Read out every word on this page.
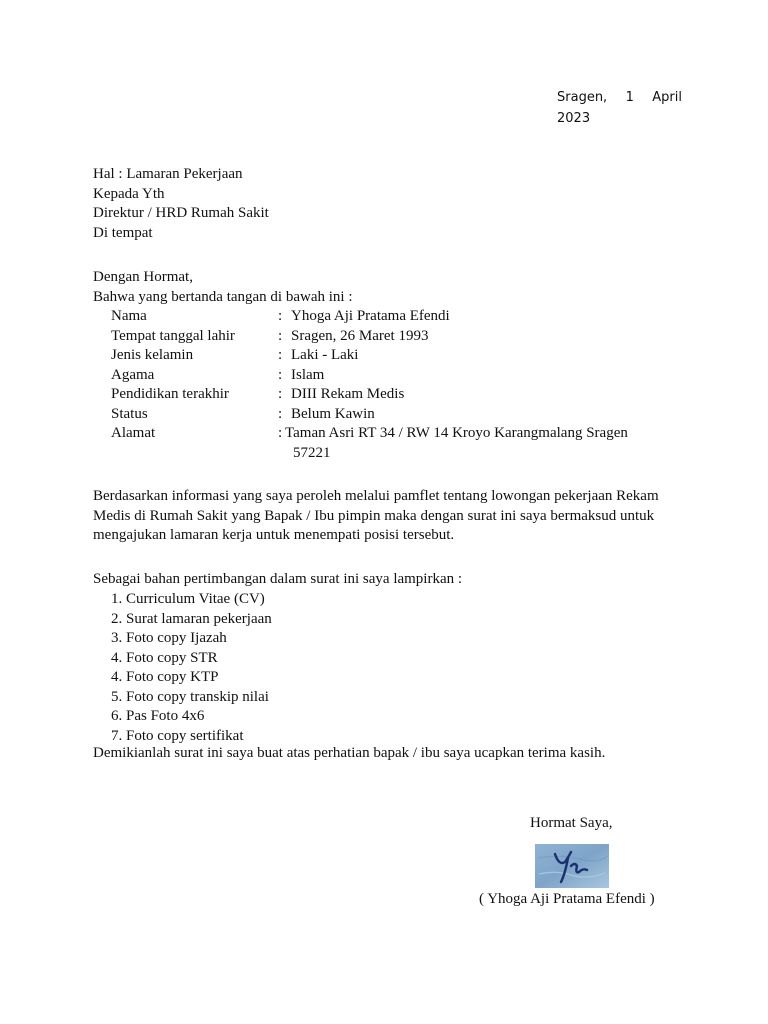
Sragen, 1 April
2023
Hal : Lamaran Pekerjaan
Kepada Yth
Direktur / HRD Rumah Sakit
Di tempat
Dengan Hormat,
Bahwa yang bertanda tangan di bawah ini :
Nama	: Yhoga Aji Pratama Efendi
Tempat tanggal lahir	: Sragen, 26 Maret 1993
Jenis kelamin	: Laki - Laki
Agama	: Islam
Pendidikan terakhir	: DIII Rekam Medis
Status	: Belum Kawin
Alamat	: Taman Asri RT 34 / RW 14 Kroyo Karangmalang Sragen
57221

Berdasarkan informasi yang saya peroleh melalui pamflet tentang lowongan pekerjaan Rekam

Medis di Rumah Sakit yang Bapak / Ibu pimpin maka dengan surat ini saya bermaksud untuk

mengajukan lamaran kerja untuk menempati posisi tersebut.

Sebagai bahan pertimbangan dalam surat ini saya lampirkan :
1. Curriculum Vitae (CV)
2. Surat lamaran pekerjaan
3. Foto copy Ijazah
4. Foto copy STR
4. Foto copy KTP
5. Foto copy transkip nilai
6. Pas Foto 4x6
7. Foto copy sertifikat
Demikianlah surat ini saya buat atas perhatian bapak / ibu saya ucapkan terima kasih.
Hormat Saya,
( Yhoga Aji Pratama Efendi )
